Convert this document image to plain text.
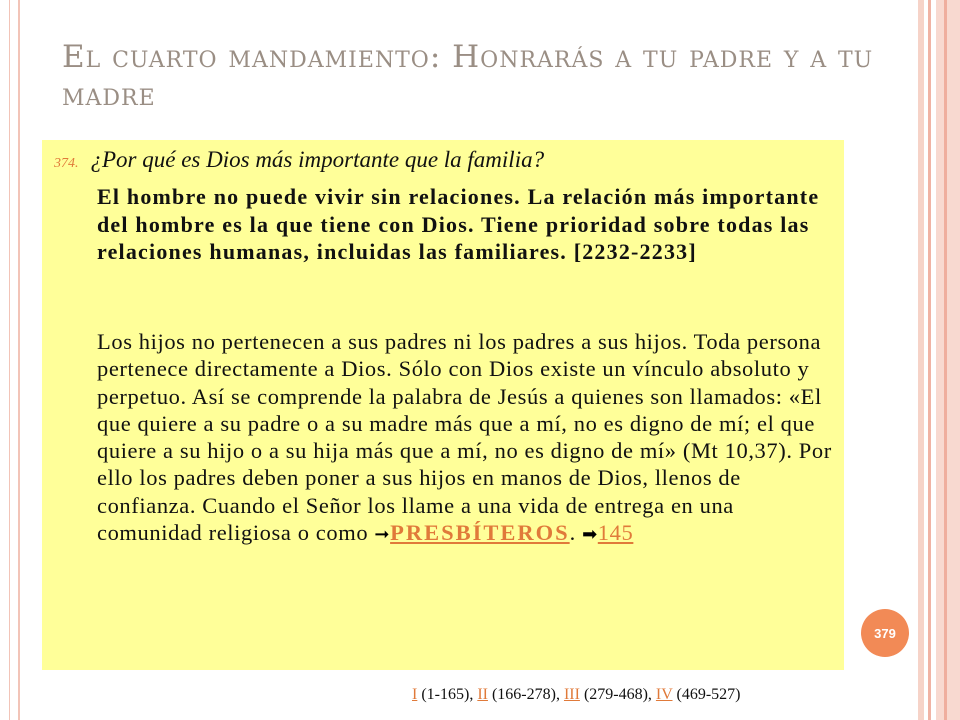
El cuarto mandamiento: Honrarás a tu padre y a tu madre
374. ¿Por qué es Dios más importante que la familia?
El hombre no puede vivir sin relaciones. La relación más importante del hombre es la que tiene con Dios. Tiene prioridad sobre todas las relaciones humanas, incluidas las familiares. [2232-2233]
Los hijos no pertenecen a sus padres ni los padres a sus hijos. Toda persona pertenece directamente a Dios. Sólo con Dios existe un vínculo absoluto y perpetuo. Así se comprende la palabra de Jesús a quienes son llamados: «El que quiere a su padre o a su madre más que a mí, no es digno de mí; el que quiere a su hijo o a su hija más que a mí, no es digno de mí» (Mt 10,37). Por ello los padres deben poner a sus hijos en manos de Dios, llenos de confianza. Cuando el Señor los llame a una vida de entrega en una comunidad religiosa o como ➞PRESBÍTEROS. ➡145
379
I (1-165), II (166-278), III (279-468), IV (469-527)
